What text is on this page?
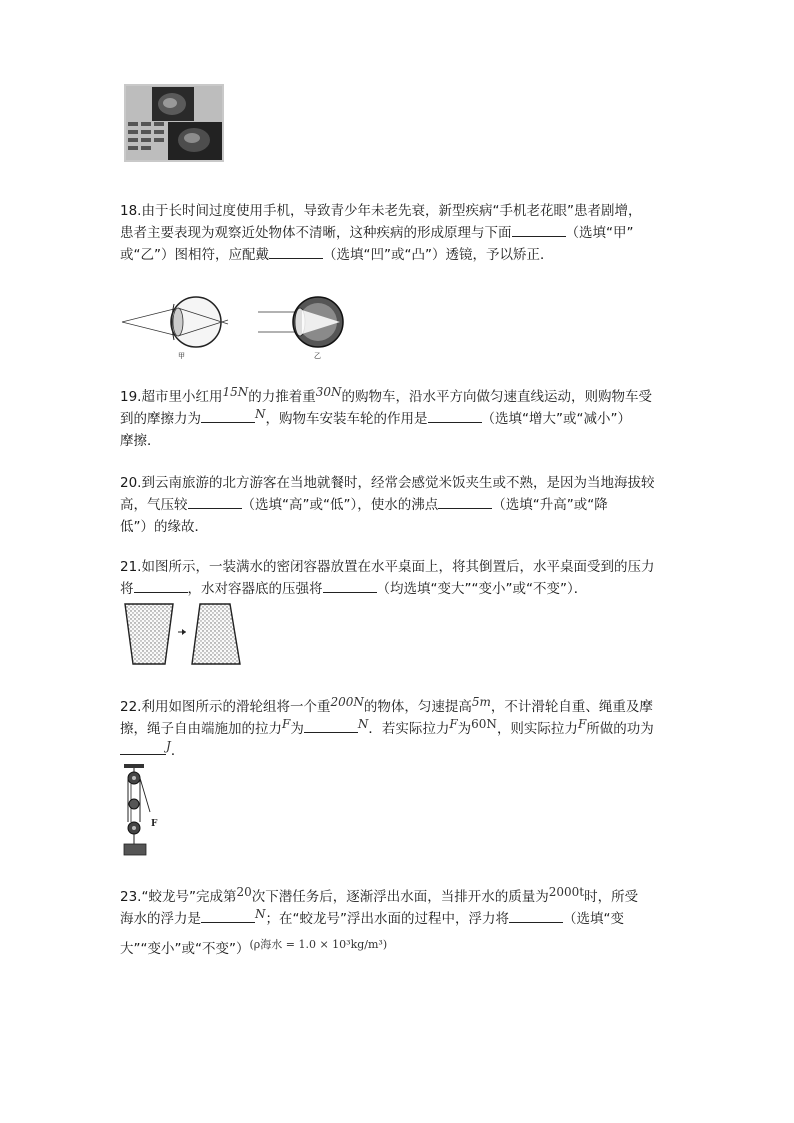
18.由于长时间过度使用手机，导致青少年未老先衰，新型疾病“手机老花眼”患者剧增，

患者主要表现为观察近处物体不清晰，这种疾病的形成原理与下面	（选填“甲”

或“乙”）图相符，应配戴	（选填“凹”或“凸”）透镜，予以矫正．

甲	乙

19.超市里小红用15N的力推着重30N的购物车，沿水平方向做匀速直线运动，则购物车受

到的摩擦力为	N，购物车安装车轮的作用是	（选填“增大”或“减小”）

摩擦．

20.到云南旅游的北方游客在当地就餐时，经常会感觉米饭夹生或不熟，是因为当地海拔较

高，气压较	（选填“高”或“低”），使水的沸点	（选填“升高”或“降

低”）的缘故．

21.如图所示，一装满水的密闭容器放置在水平桌面上，将其倒置后，水平桌面受到的压力

将	，水对容器底的压强将	（均选填“变大”“变小”或“不变”）．

22.利用如图所示的滑轮组将一个重200N的物体，匀速提高5m，不计滑轮自重、绳重及摩

擦，绳子自由端施加的拉力F为	N．若实际拉力F为60N，则实际拉力F所做的功为

J．

F

23.“蛟龙号”完成第20次下潜任务后，逐渐浮出水面，当排开水的质量为2000t时，所受

海水的浮力是	N；在“蛟龙号”浮出水面的过程中，浮力将	（选填“变

大”“变小”或“不变”）$^{(\rho 海水 = 1.0 \times 10^3kg/m^3)}$
